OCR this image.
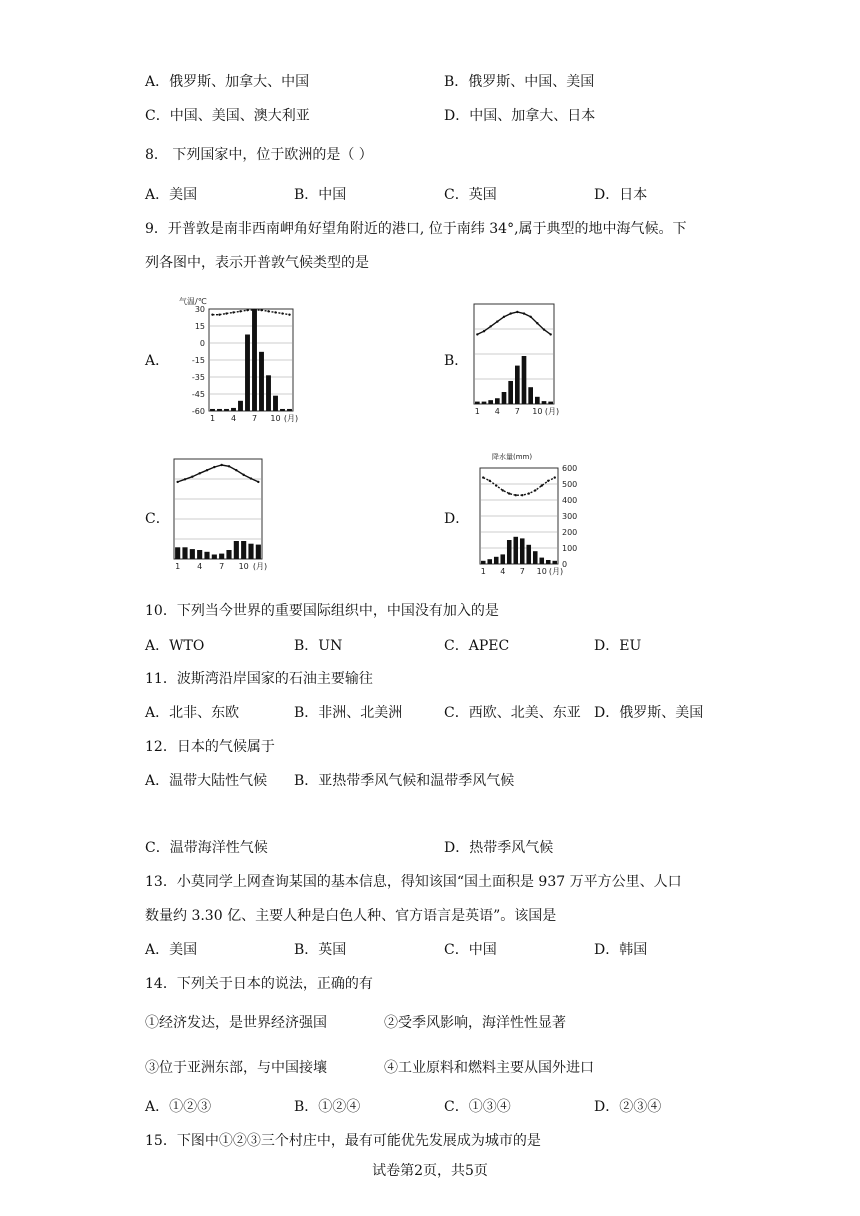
A．俄罗斯、加拿大、中国	B．俄罗斯、中国、美国
C．中国、美国、澳大利亚	D．中国、加拿大、日本
8． 下列国家中，位于欧洲的是（ ）
A．美国	B．中国	C．英国	D．日本
9．开普敦是南非西南岬角好望角附近的港口, 位于南纬 34°,属于典型的地中海气候。下
列各图中，表示开普敦气候类型的是
A．	B．
C．	D．
气温/℃
30
15
0
-15
-35
-45
-60
1 4 7 10 (月)
1 4 7 10 (月)
1 4 7 10 (月)
降水量(mm)
600
500
400
300
200
100
0
1 4 7 10 (月)
10．下列当今世界的重要国际组织中，中国没有加入的是
A．WTO	B．UN	C．APEC	D．EU
11．波斯湾沿岸国家的石油主要输往
A．北非、东欧	B．非洲、北美洲	C．西欧、北美、东亚 D．俄罗斯、美国
12．日本的气候属于
A．温带大陆性气候 B．亚热带季风气候和温带季风气候
C．温带海洋性气候	D．热带季风气候
13．小莫同学上网查询某国的基本信息，得知该国“国土面积是 937 万平方公里、人口
数量约 3.30 亿、主要人种是白色人种、官方语言是英语”。该国是
A．美国	B．英国	C．中国	D．韩国
14．下列关于日本的说法，正确的有
①经济发达，是世界经济强国	②受季风影响，海洋性性显著
③位于亚洲东部，与中国接壤	④工业原料和燃料主要从国外进口
A．①②③	B．①②④	C．①③④	D．②③④
15．下图中①②③三个村庄中，最有可能优先发展成为城市的是
试卷第2页，共5页
